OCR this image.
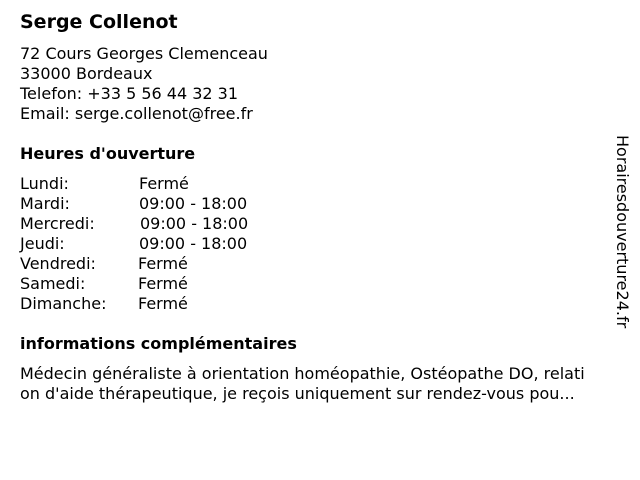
Serge Collenot
72 Cours Georges Clemenceau
33000 Bordeaux
Telefon: +33 5 56 44 32 31
Email: serge.collenot@free.fr
Heures d'ouverture
Lundi:	Fermé
Mardi:	09:00 - 18:00
Mercredi:	09:00 - 18:00
Jeudi:	09:00 - 18:00
Vendredi:	Fermé
Samedi:	Fermé
Dimanche: Fermé
informations complémentaires
Médecin généraliste à orientation homéopathie, Ostéopathe DO, relati
on d'aide thérapeutique, je reçois uniquement sur rendez-vous pou...
Horairesdouverture24.fr
